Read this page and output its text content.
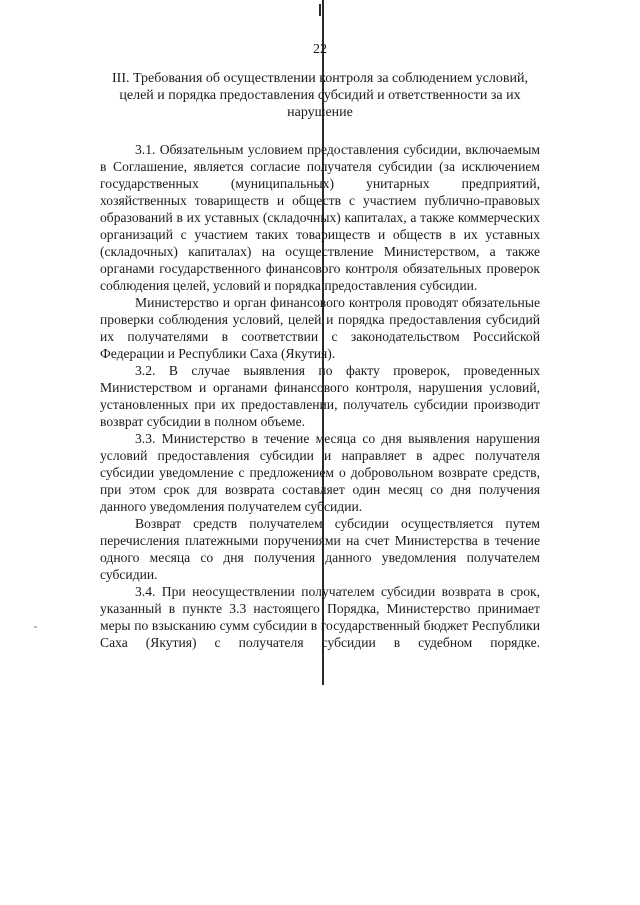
22
III. Требования об осуществлении контроля за соблюдением условий, целей и порядка предоставления субсидий и ответственности за их нарушение

3.1. Обязательным условием предоставления субсидии, включаемым в Соглашение, является согласие получателя субсидии (за исключением государственных (муниципальных) унитарных предприятий, хозяйственных товариществ и обществ с участием публично-правовых образований в их уставных (складочных) капиталах, а также коммерческих организаций с участием таких товариществ и обществ в их уставных (складочных) капиталах) на осуществление Министерством, а также органами государственного финансового контроля обязательных проверок соблюдения целей, условий и порядка предоставления субсидии.

Министерство и орган финансового контроля проводят обязательные проверки соблюдения условий, целей и порядка предоставления субсидий их получателями в соответствии с законодательством Российской Федерации и Республики Саха (Якутия).

3.2. В случае выявления по факту проверок, проведенных Министерством и органами финансового контроля, нарушения условий, установленных при их предоставлении, получатель субсидии производит возврат субсидии в полном объеме.

3.3. Министерство в течение месяца со дня выявления нарушения условий предоставления субсидии и направляет в адрес получателя субсидии уведомление с предложением о добровольном возврате средств, при этом срок для возврата составляет один месяц со дня получения данного уведомления получателем субсидии.

Возврат средств получателем субсидии осуществляется путем перечисления платежными поручениями на счет Министерства в течение одного месяца со дня получения данного уведомления получателем субсидии.

3.4. При неосуществлении получателем субсидии возврата в срок, указанный в пункте 3.3 настоящего Порядка, Министерство принимает меры по взысканию сумм субсидии в государственный бюджет Республики Саха (Якутия) с получателя субсидии в судебном порядке.
